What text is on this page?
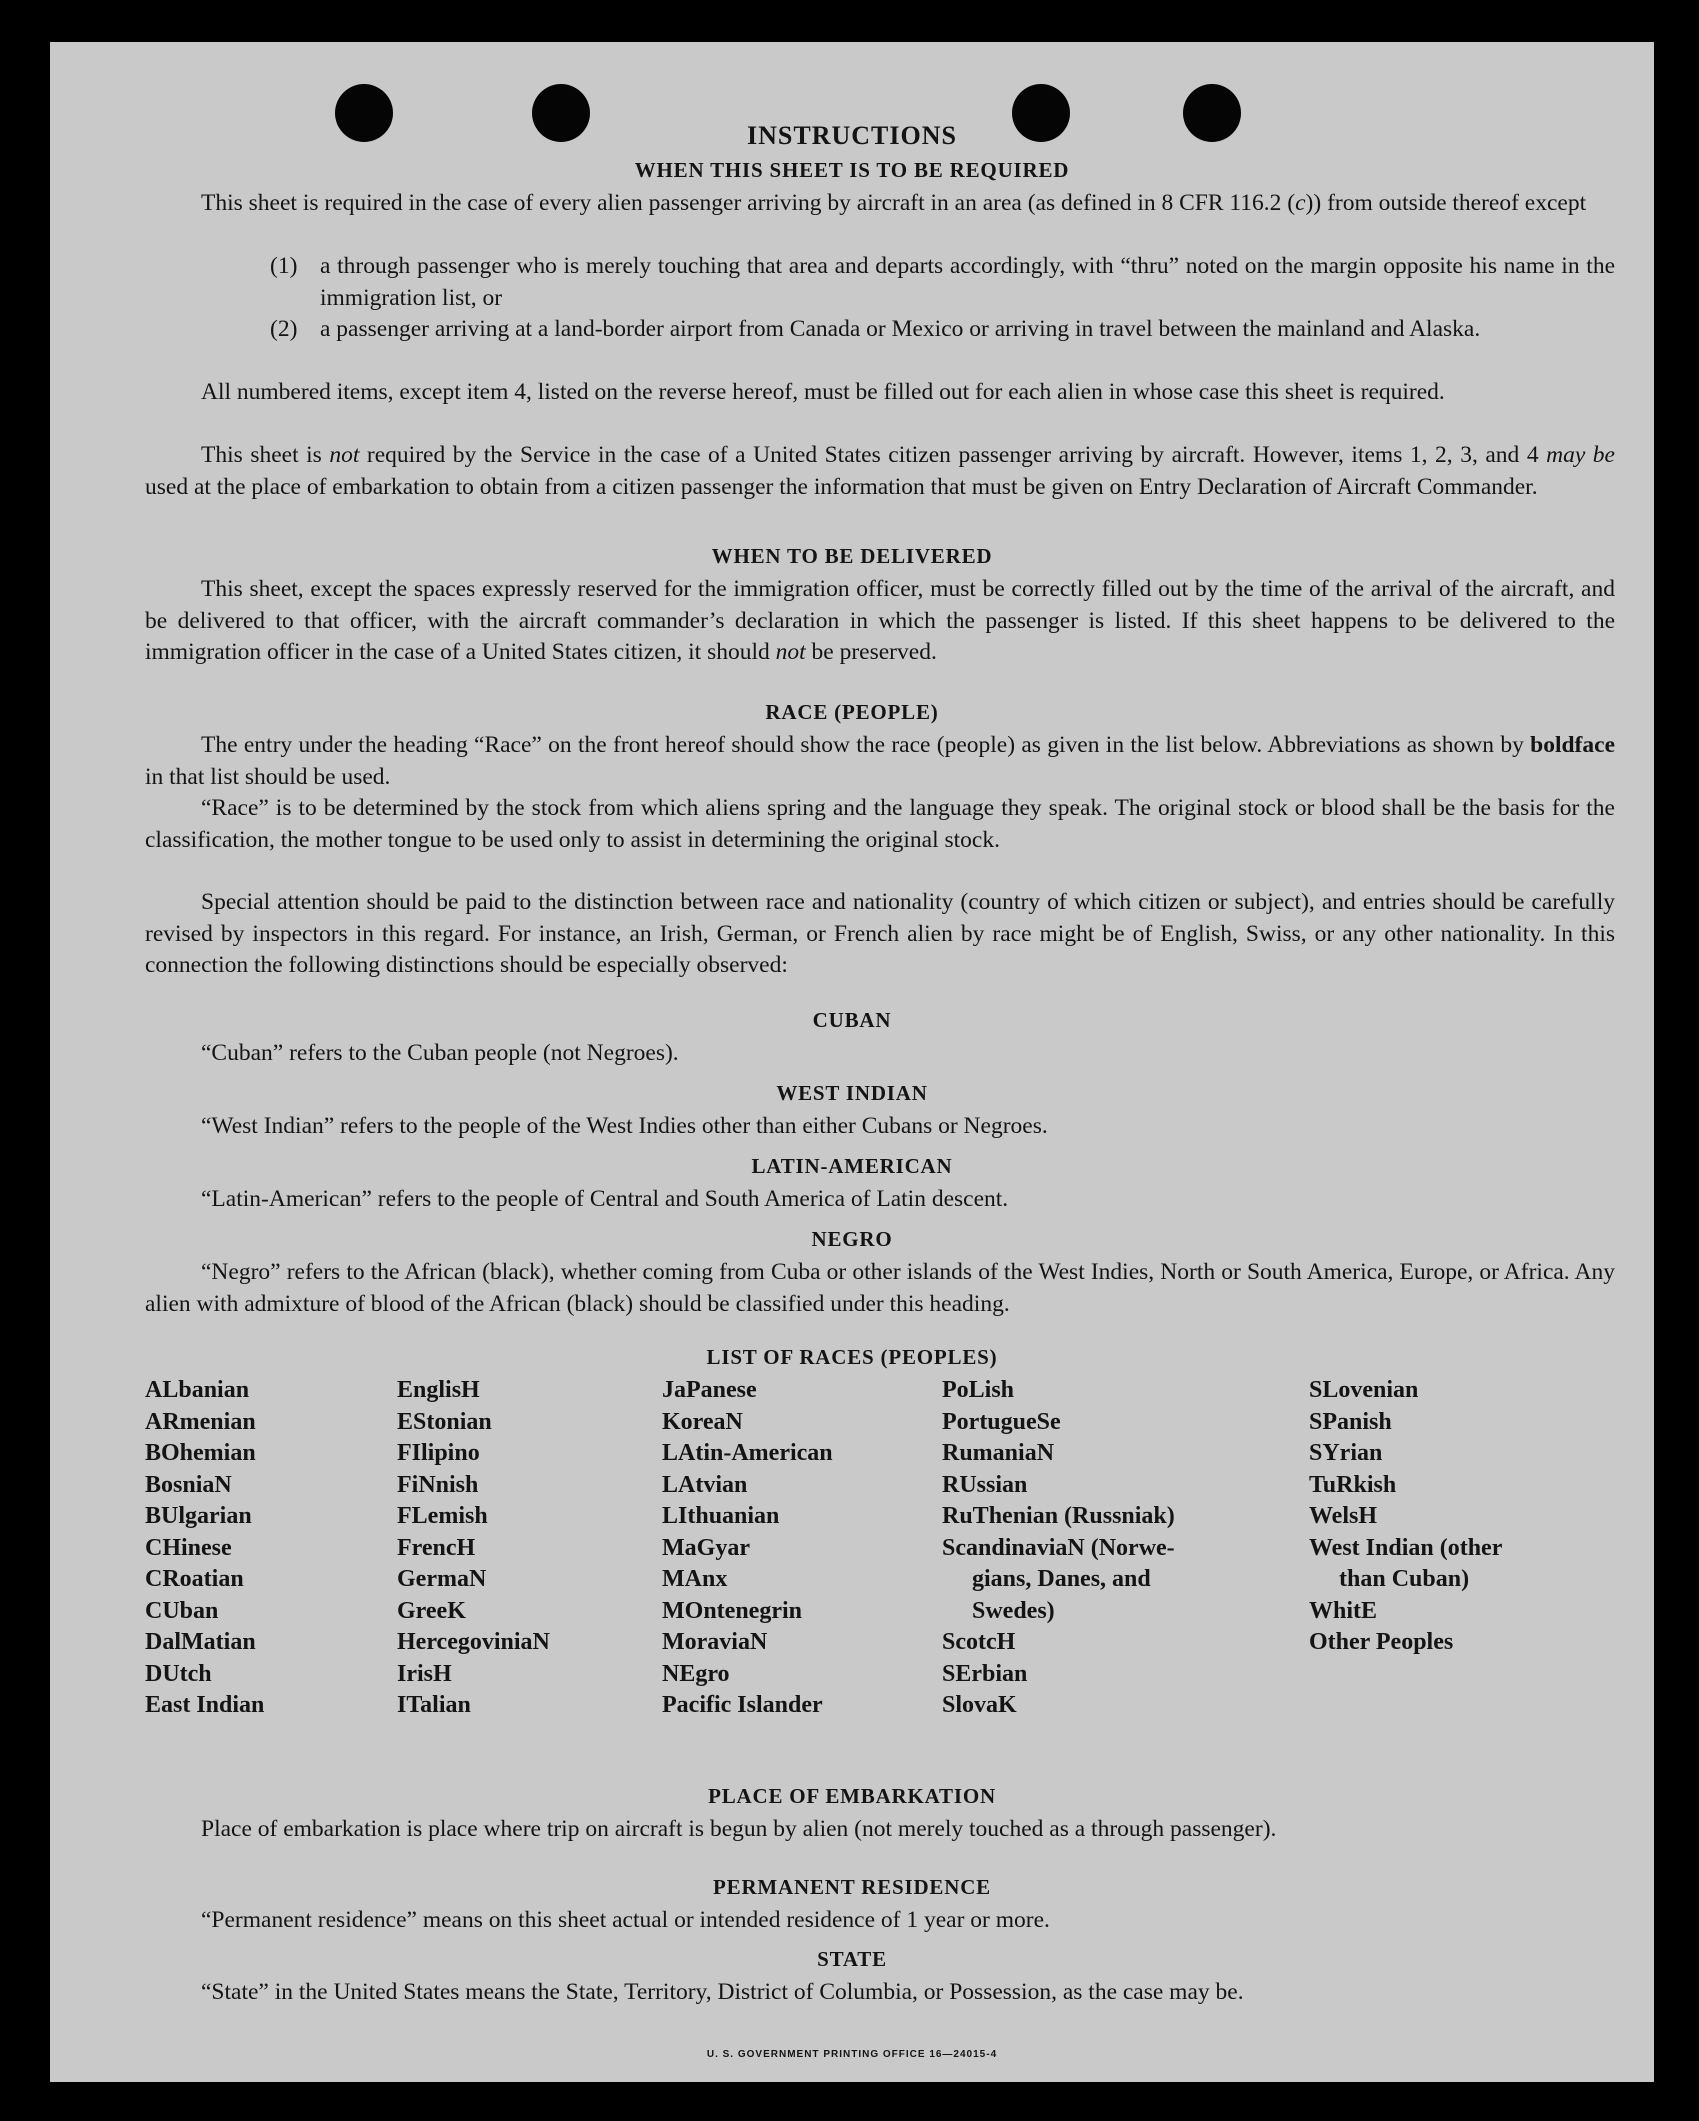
INSTRUCTIONS
WHEN THIS SHEET IS TO BE REQUIRED
This sheet is required in the case of every alien passenger arriving by aircraft in an area (as defined in 8 CFR 116.2 (c)) from outside thereof except
(1) a through passenger who is merely touching that area and departs accordingly, with “thru” noted on the margin opposite his name in the immigration list, or
(2) a passenger arriving at a land-border airport from Canada or Mexico or arriving in travel between the mainland and Alaska.
All numbered items, except item 4, listed on the reverse hereof, must be filled out for each alien in whose case this sheet is required.
This sheet is not required by the Service in the case of a United States citizen passenger arriving by aircraft. However, items 1, 2, 3, and 4 may be used at the place of embarkation to obtain from a citizen passenger the information that must be given on Entry Declaration of Aircraft Commander.
WHEN TO BE DELIVERED
This sheet, except the spaces expressly reserved for the immigration officer, must be correctly filled out by the time of the arrival of the aircraft, and be delivered to that officer, with the aircraft commander’s declaration in which the passenger is listed. If this sheet happens to be delivered to the immigration officer in the case of a United States citizen, it should not be preserved.
RACE (PEOPLE)
The entry under the heading “Race” on the front hereof should show the race (people) as given in the list below. Abbreviations as shown by boldface in that list should be used.
“Race” is to be determined by the stock from which aliens spring and the language they speak. The original stock or blood shall be the basis for the classification, the mother tongue to be used only to assist in determining the original stock.
Special attention should be paid to the distinction between race and nationality (country of which citizen or subject), and entries should be carefully revised by inspectors in this regard. For instance, an Irish, German, or French alien by race might be of English, Swiss, or any other nationality. In this connection the following distinctions should be especially observed:
CUBAN
“Cuban” refers to the Cuban people (not Negroes).
WEST INDIAN
“West Indian” refers to the people of the West Indies other than either Cubans or Negroes.
LATIN-AMERICAN
“Latin-American” refers to the people of Central and South America of Latin descent.
NEGRO
“Negro” refers to the African (black), whether coming from Cuba or other islands of the West Indies, North or South America, Europe, or Africa. Any alien with admixture of blood of the African (black) should be classified under this heading.
LIST OF RACES (PEOPLES)
ALbanian
ARmenian
BOhemian
BosniaN
BUlgarian
CHinese
CRoatian
CUban
DalMatian
DUtch
East Indian
EnglisH
EStonian
FIlipino
FiNnish
FLemish
FrencH
GermaN
GreeK
HercegoviniaN
IrisH
ITalian
JaPanese
KoreaN
LAtin-American
LAtvian
LIthuanian
MaGyar
MAnx
MOntenegrin
MoraviaN
NEgro
Pacific Islander
PoLish
PortugueSe
RumaniaN
RUssian
RuThenian (Russniak)
ScandinaviaN (Norwe-
gians, Danes, and
Swedes)
ScotcH
SErbian
SlovaK
SLovenian
SPanish
SYrian
TuRkish
WelsH
West Indian (other
than Cuban)
WhitE
Other Peoples
PLACE OF EMBARKATION
Place of embarkation is place where trip on aircraft is begun by alien (not merely touched as a through passenger).
PERMANENT RESIDENCE
“Permanent residence” means on this sheet actual or intended residence of 1 year or more.
STATE
“State” in the United States means the State, Territory, District of Columbia, or Possession, as the case may be.
U. S. GOVERNMENT PRINTING OFFICE 16—24015-4
